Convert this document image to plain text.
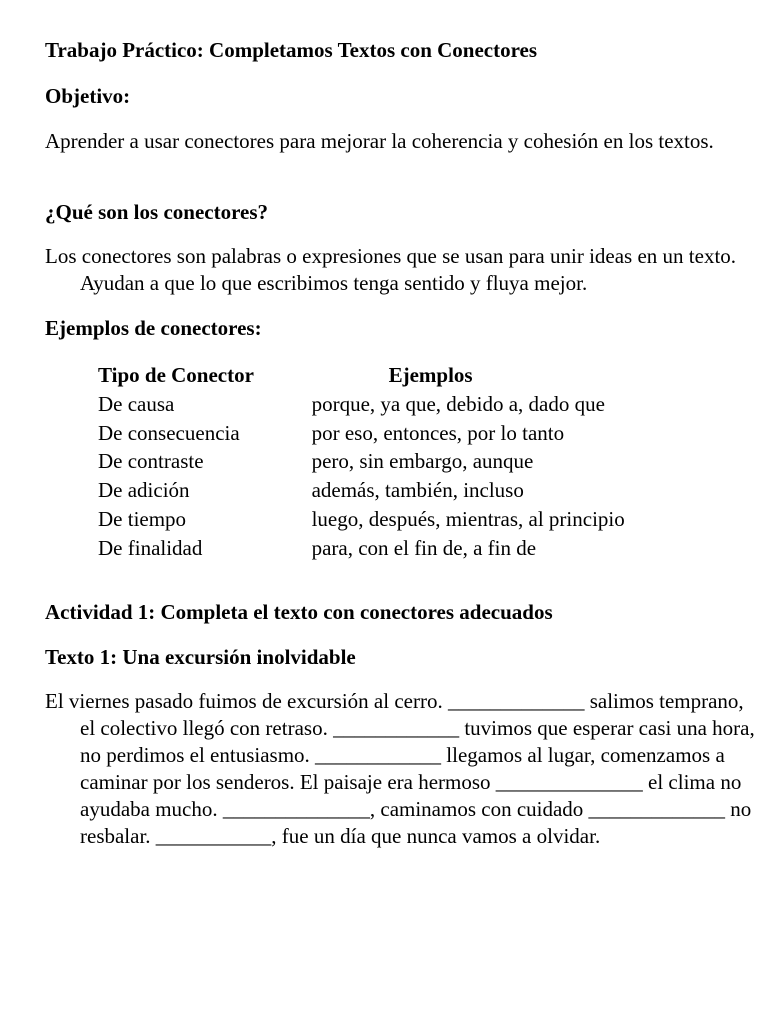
Trabajo Práctico: Completamos Textos con Conectores
Objetivo:

Aprender a usar conectores para mejorar la coherencia y cohesión en los textos.

¿Qué son los conectores?

Los conectores son palabras o expresiones que se usan para unir ideas en un texto. Ayudan a que lo que escribimos tenga sentido y fluya mejor.

Ejemplos de conectores:
Tipo de Conector	Ejemplos
De causa	porque, ya que, debido a, dado que
De consecuencia	por eso, entonces, por lo tanto
De contraste	pero, sin embargo, aunque
De adición	además, también, incluso
De tiempo	luego, después, mientras, al principio
De finalidad	para, con el fin de, a fin de
Actividad 1: Completa el texto con conectores adecuados
Texto 1: Una excursión inolvidable

El viernes pasado fuimos de excursión al cerro. _____________ salimos temprano, el colectivo llegó con retraso. ____________ tuvimos que esperar casi una hora, no perdimos el entusiasmo. ____________ llegamos al lugar, comenzamos a caminar por los senderos. El paisaje era hermoso ______________ el clima no ayudaba mucho. ______________, caminamos con cuidado _____________ no resbalar. ___________, fue un día que nunca vamos a olvidar.
